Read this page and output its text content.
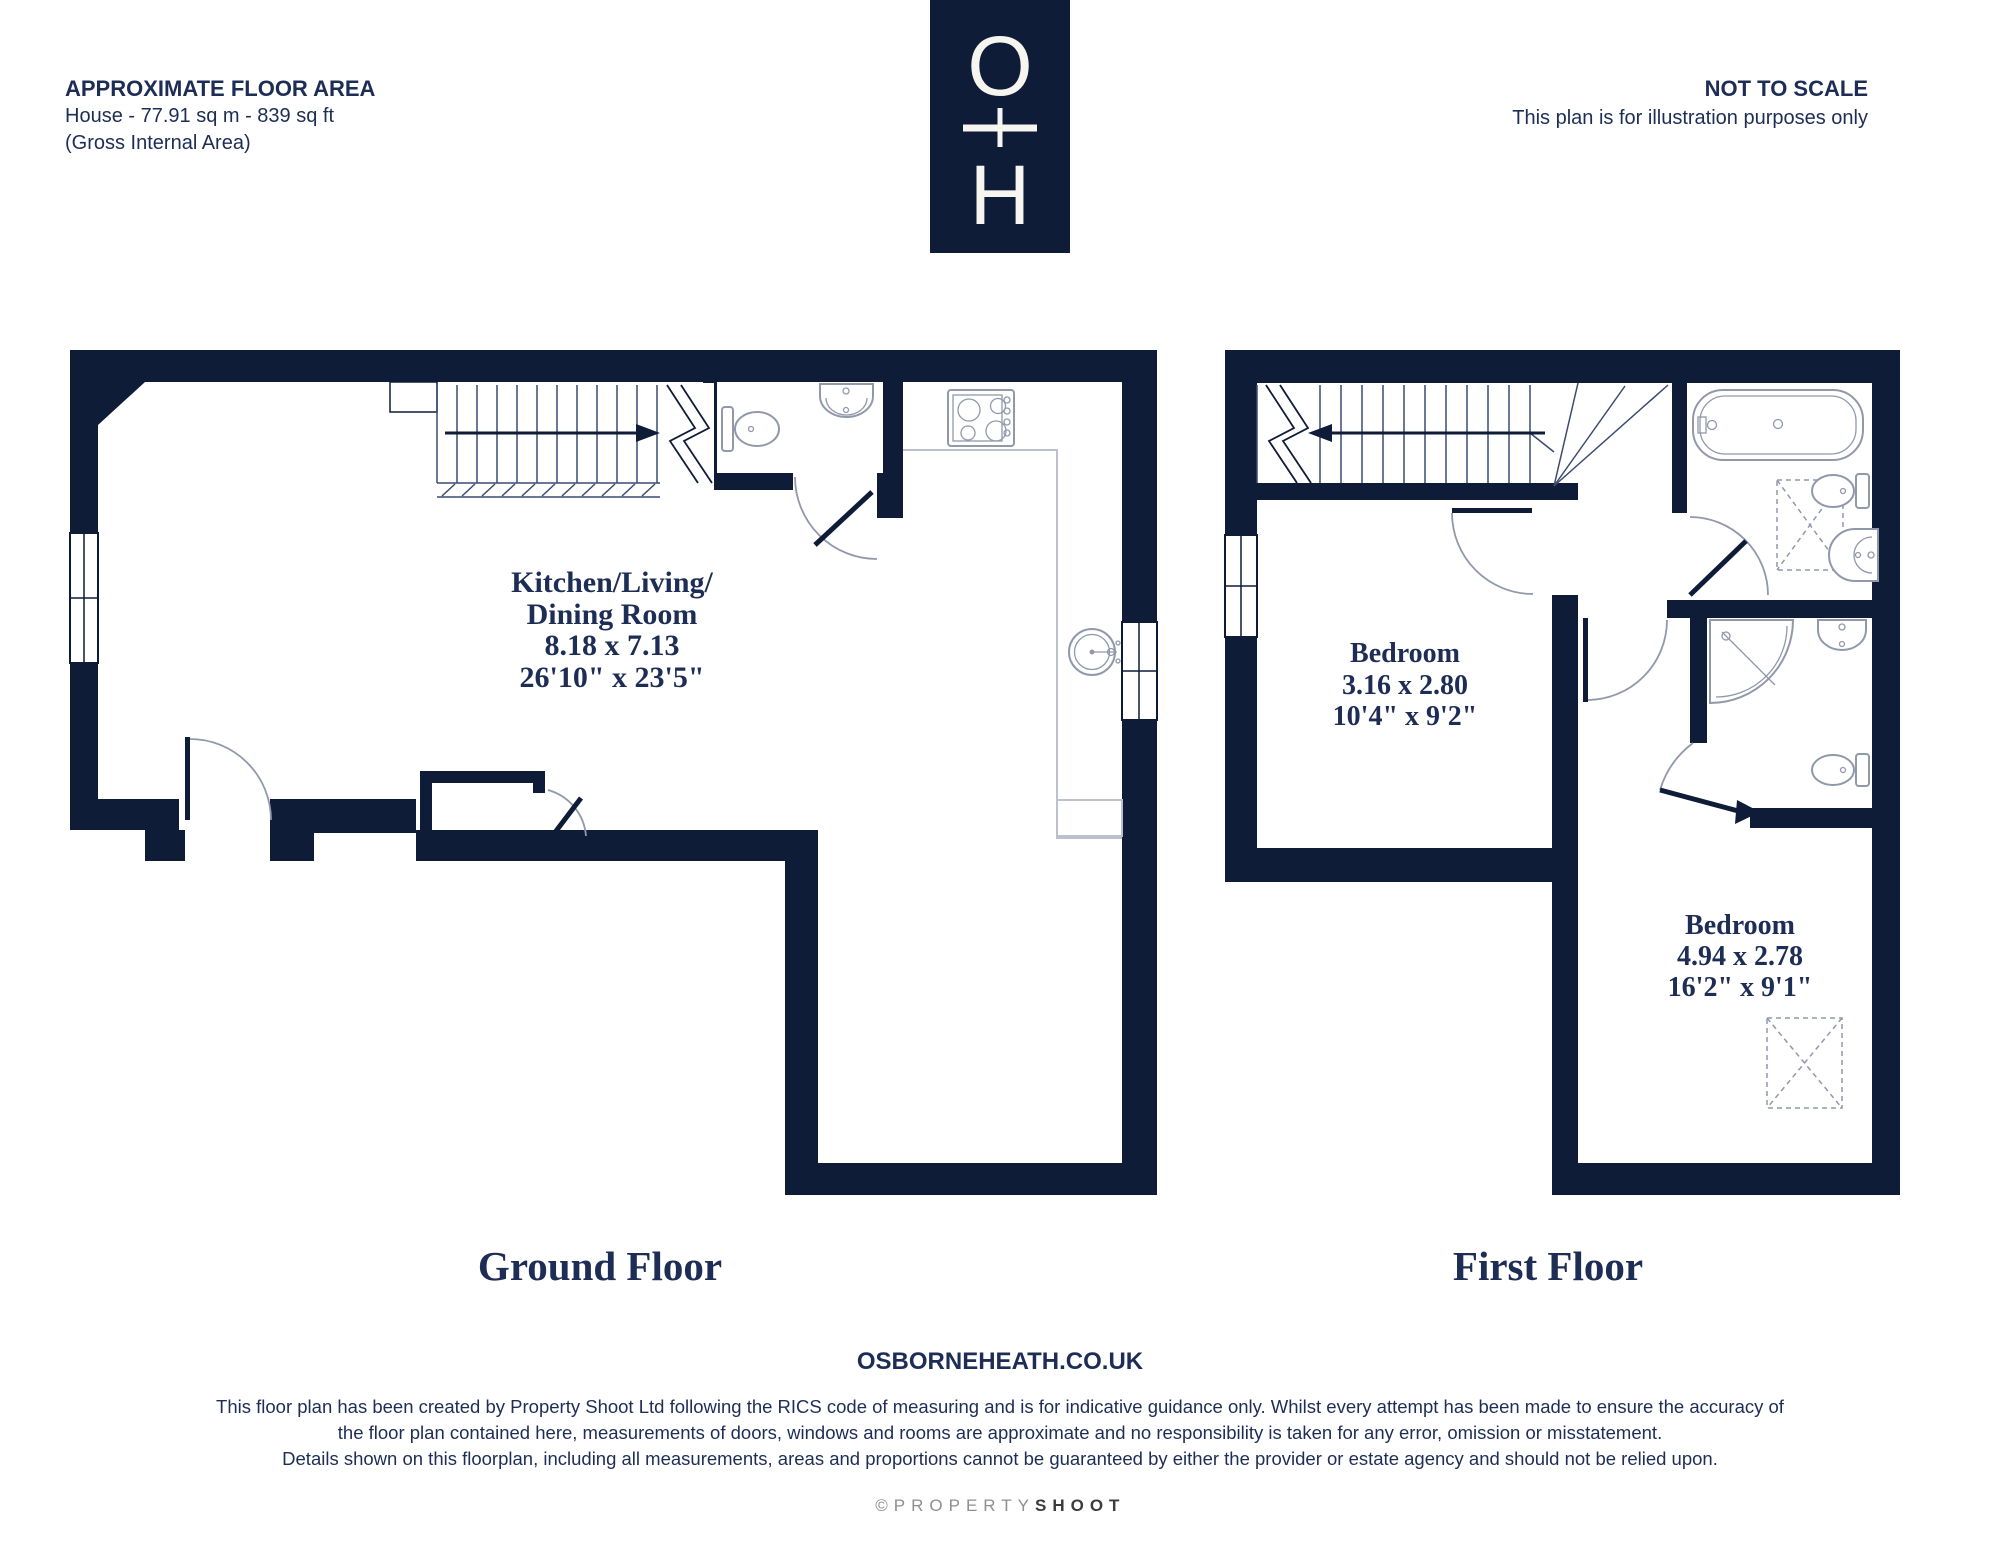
APPROXIMATE FLOOR AREA
House - 77.91 sq m - 839 sq ft
(Gross Internal Area)
NOT TO SCALE
This plan is for illustration purposes only
O
H
Kitchen/Living/
Dining Room
8.18 x 7.13
26'10" x 23'5"
Ground Floor
Bedroom
3.16 x 2.80
10'4" x 9'2"
Bedroom
4.94 x 2.78
16'2" x 9'1"
First Floor
OSBORNEHEATH.CO.UK
This floor plan has been created by Property Shoot Ltd following the RICS code of measuring and is for indicative guidance only. Whilst every attempt has been made to ensure the accuracy of
the floor plan contained here, measurements of doors, windows and rooms are approximate and no responsibility is taken for any error, omission or misstatement.
Details shown on this floorplan, including all measurements, areas and proportions cannot be guaranteed by either the provider or estate agency and should not be relied upon.
©PROPERTY SHOOT
